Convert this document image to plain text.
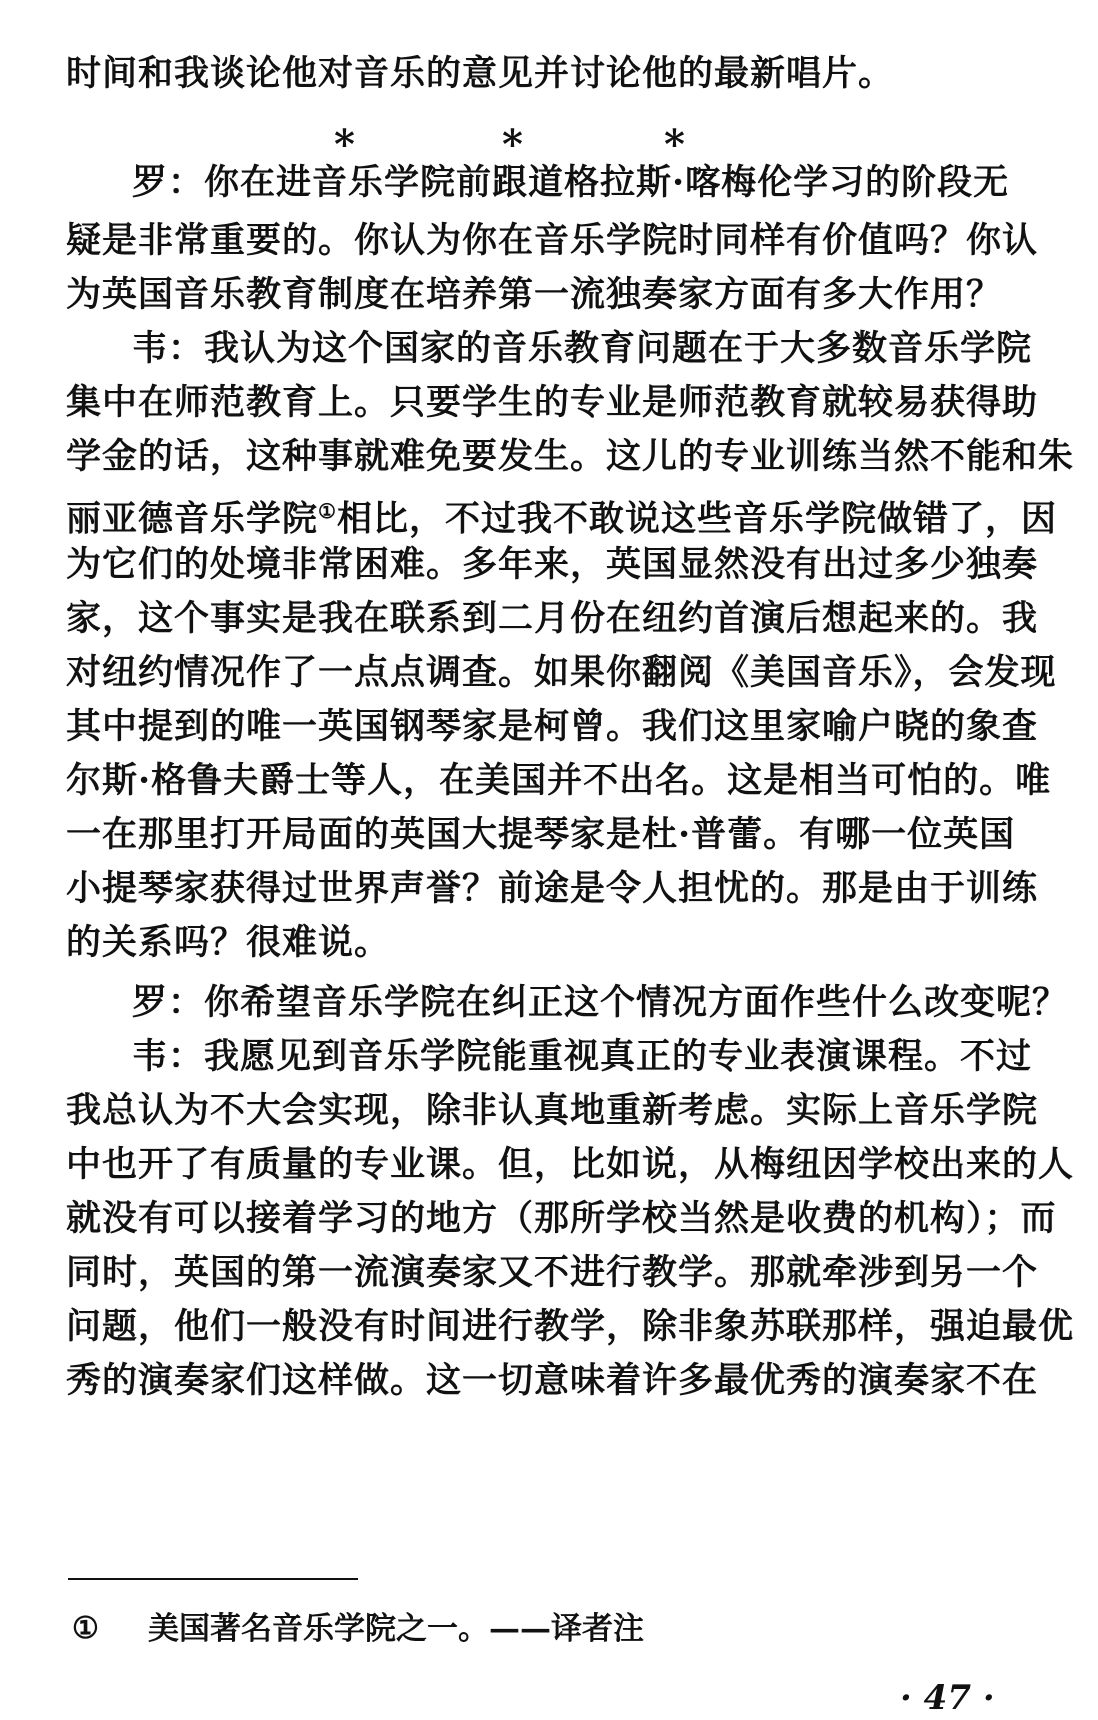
时间和我谈论他对音乐的意见并讨论他的最新唱片。
*	*	*
罗：你在进音乐学院前跟道格拉斯·喀梅伦学习的阶段无
疑是非常重要的。你认为你在音乐学院时同样有价值吗？你认
为英国音乐教育制度在培养第一流独奏家方面有多大作用？
韦：我认为这个国家的音乐教育问题在于大多数音乐学院
集中在师范教育上。只要学生的专业是师范教育就较易获得助
学金的话，这种事就难免要发生。这儿的专业训练当然不能和朱
丽亚德音乐学院①相比，不过我不敢说这些音乐学院做错了，因
为它们的处境非常困难。多年来，英国显然没有出过多少独奏
家，这个事实是我在联系到二月份在纽约首演后想起来的。我
对纽约情况作了一点点调查。如果你翻阅《美国音乐》，会发现
其中提到的唯一英国钢琴家是柯曾。我们这里家喻户晓的象查
尔斯·格鲁夫爵士等人，在美国并不出名。这是相当可怕的。唯
一在那里打开局面的英国大提琴家是杜·普蕾。有哪一位英国
小提琴家获得过世界声誉？前途是令人担忧的。那是由于训练
的关系吗？很难说。
罗：你希望音乐学院在纠正这个情况方面作些什么改变呢？
韦：我愿见到音乐学院能重视真正的专业表演课程。不过
我总认为不大会实现，除非认真地重新考虑。实际上音乐学院
中也开了有质量的专业课。但，比如说，从梅纽因学校出来的人
就没有可以接着学习的地方（那所学校当然是收费的机构）；而
同时，英国的第一流演奏家又不进行教学。那就牵涉到另一个
问题，他们一般没有时间进行教学，除非象苏联那样，强迫最优
秀的演奏家们这样做。这一切意味着许多最优秀的演奏家不在
① 美国著名音乐学院之一。——译者注
· 47 ·
